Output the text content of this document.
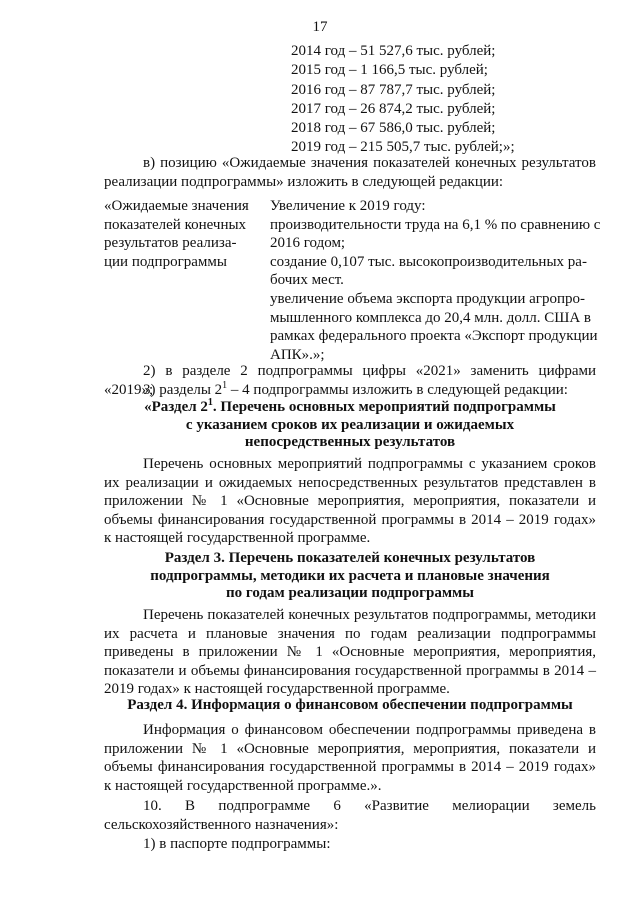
17
2014 год – 51 527,6 тыс. рублей;
2015 год – 1 166,5 тыс. рублей;
2016 год – 87 787,7 тыс. рублей;
2017 год – 26 874,2 тыс. рублей;
2018 год – 67 586,0 тыс. рублей;
2019 год – 215 505,7 тыс. рублей;»;
в) позицию «Ожидаемые значения показателей конечных результатов реализации подпрограммы» изложить в следующей редакции:
«Ожидаемые значения
показателей конечных
результатов реализа-
ции подпрограммы
Увеличение к 2019 году:
производительности труда на 6,1 % по сравнению с
2016 годом;
создание 0,107 тыс. высокопроизводительных ра-
бочих мест.
увеличение объема экспорта продукции агропро-
мышленного комплекса до 20,4 млн. долл. США в
рамках федерального проекта «Экспорт продукции
АПК».»;
2) в разделе 2 подпрограммы цифры «2021» заменить цифрами «2019»;
3) разделы $2^1 - 4$ подпрограммы изложить в следующей редакции:
«Раздел $2^1$. Перечень основных мероприятий подпрограммы
с указанием сроков их реализации и ожидаемых
непосредственных результатов
Перечень основных мероприятий подпрограммы с указанием сроков их реализации и ожидаемых непосредственных результатов представлен в приложении № 1 «Основные мероприятия, мероприятия, показатели и объемы финансирования государственной программы в 2014 – 2019 годах» к настоящей государственной программе.
Раздел 3. Перечень показателей конечных результатов
подпрограммы, методики их расчета и плановые значения
по годам реализации подпрограммы
Перечень показателей конечных результатов подпрограммы, методики их расчета и плановые значения по годам реализации подпрограммы приведены в приложении № 1 «Основные мероприятия, мероприятия, показатели и объемы финансирования государственной программы в 2014 – 2019 годах» к настоящей государственной программе.
Раздел 4. Информация о финансовом обеспечении подпрограммы
Информация о финансовом обеспечении подпрограммы приведена в приложении № 1 «Основные мероприятия, мероприятия, показатели и объемы финансирования государственной программы в 2014 – 2019 годах» к настоящей государственной программе.».
10. В подпрограмме 6 «Развитие мелиорации земель сельскохозяйственного назначения»:
1) в паспорте подпрограммы:
